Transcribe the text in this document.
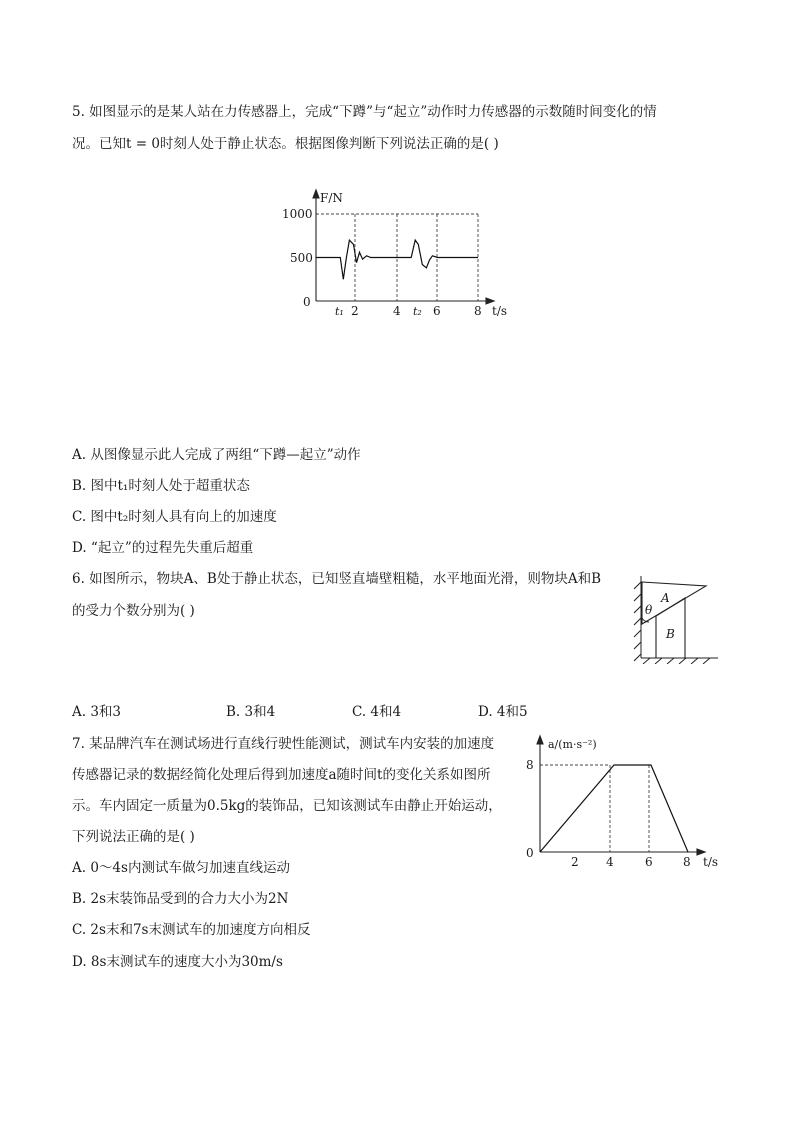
5. 如图显示的是某人站在力传感器上，完成“下蹲”与“起立”动作时力传感器的示数随时间变化的情
况。已知t = 0时刻人处于静止状态。根据图像判断下列说法正确的是( )
F/N
1000
500
0
t₁ 2	4 t₂ 6	8 t/s
A. 从图像显示此人完成了两组“下蹲—起立”动作
B. 图中t₁时刻人处于超重状态
C. 图中t₂时刻人具有向上的加速度
D. “起立”的过程先失重后超重
6. 如图所示，物块A、B处于静止状态，已知竖直墙壁粗糙，水平地面光滑，则物块A和B
的受力个数分别为( )	θ
A
B
A. 3和3	B. 3和4	C. 4和4	D. 4和5
7. 某品牌汽车在测试场进行直线行驶性能测试，测试车内安装的加速度
传感器记录的数据经简化处理后得到加速度a随时间t的变化关系如图所
示。车内固定一质量为0.5kg的装饰品，已知该测试车由静止开始运动，
下列说法正确的是( )
A. 0～4s内测试车做匀加速直线运动
B. 2s末装饰品受到的合力大小为2N
C. 2s末和7s末测试车的加速度方向相反
D. 8s末测试车的速度大小为30m/s
a/(m·s⁻²)
8
0
2 4	6	8 t/s
